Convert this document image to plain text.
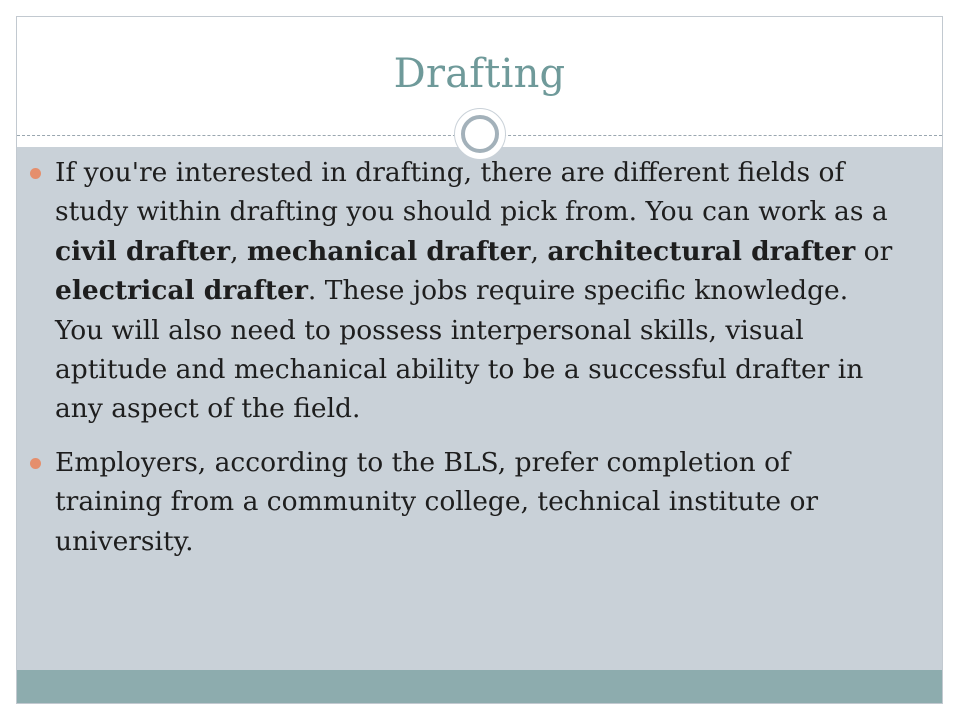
Drafting
If you're interested in drafting, there are different fields of study within drafting you should pick from. You can work as a civil drafter, mechanical drafter, architectural drafter or electrical drafter. These jobs require specific knowledge. You will also need to possess interpersonal skills, visual aptitude and mechanical ability to be a successful drafter in any aspect of the field.
Employers, according to the BLS, prefer completion of training from a community college, technical institute or university.
